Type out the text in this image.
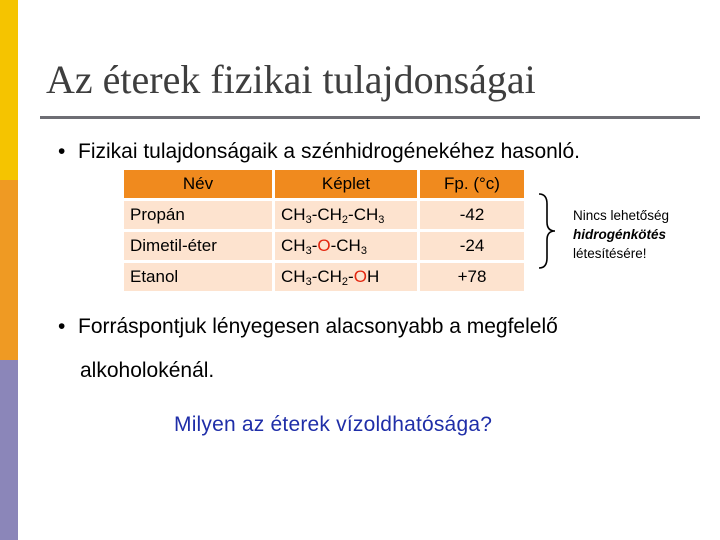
Az éterek fizikai tulajdonságai
• Fizikai tulajdonságaik a szénhidrogénekéhez hasonló.
Név	Képlet	Fp. (°c)
Propán	$CH_3-CH_2-CH_3$	-42
Dimetil-éter	$CH_3-O-CH_3$	-24
Etanol	$CH_3-CH_2-OH$	+78
Nincs lehetőség
hidrogénkötés
létesítésére!
• Forráspontjuk lényegesen alacsonyabb a megfelelő
alkoholokénál.
Milyen az éterek vízoldhatósága?
